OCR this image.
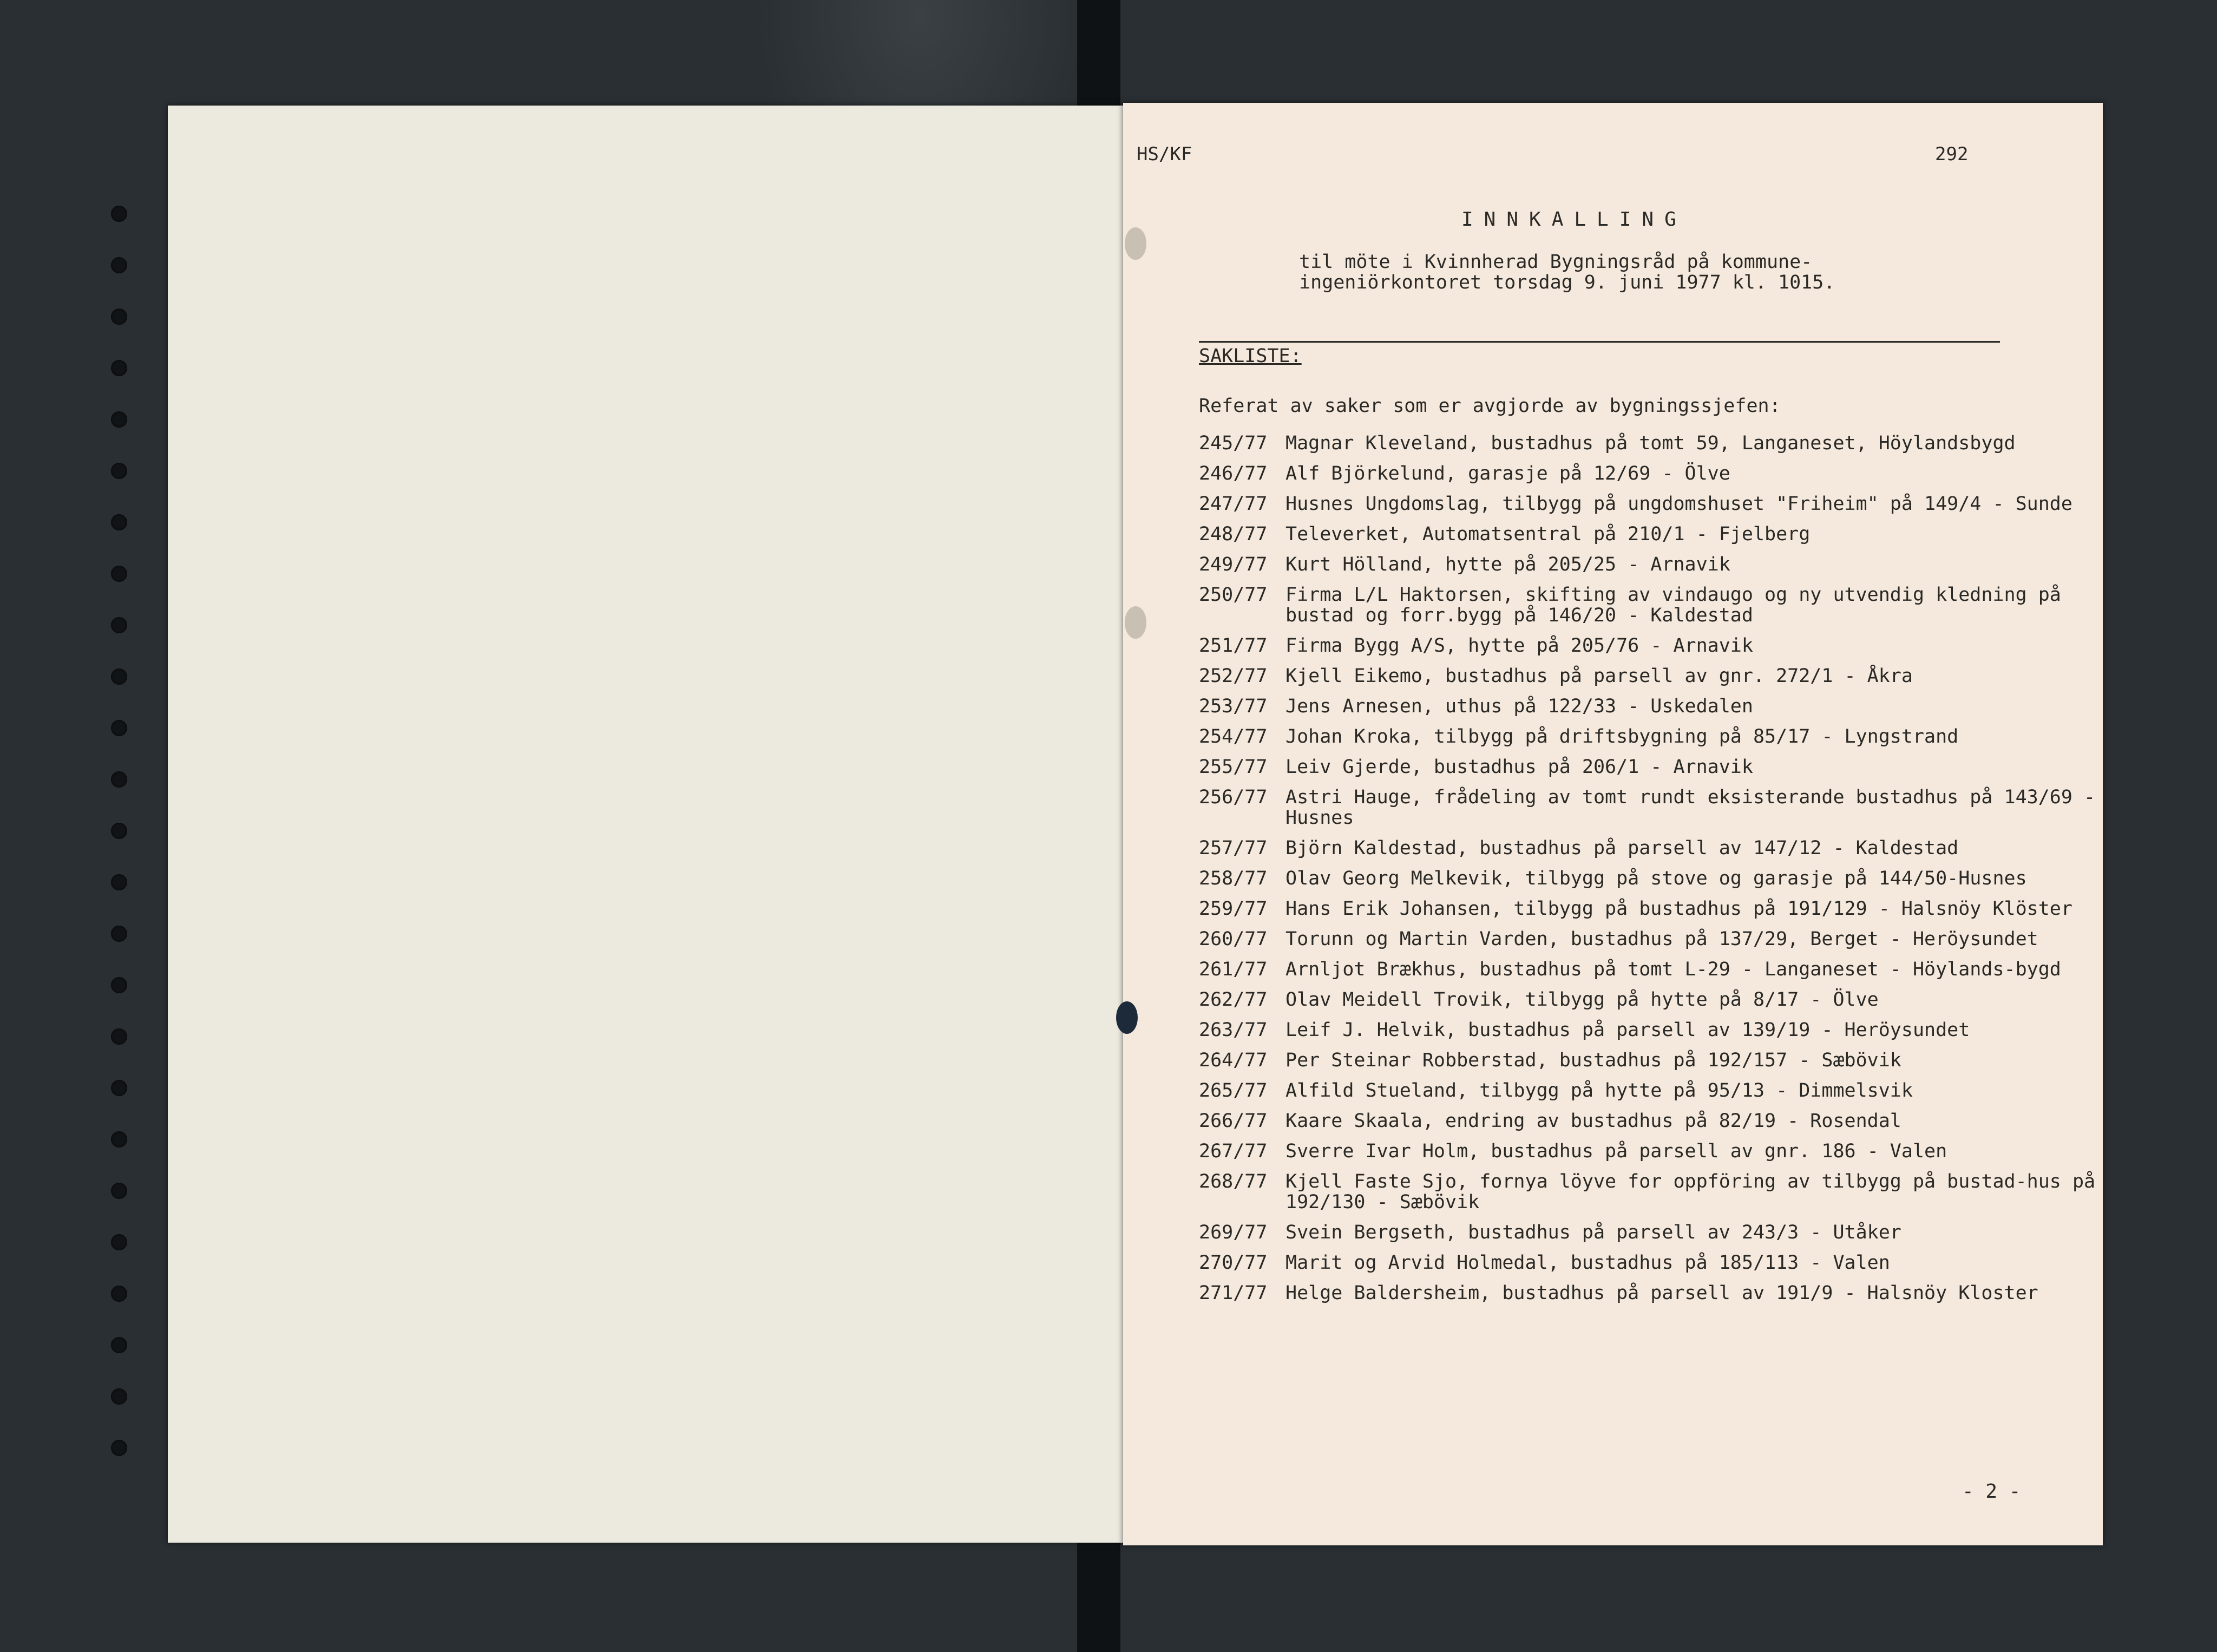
HS/KF	292
INNKALLING
til möte i Kvinnherad Bygningsråd på kommune-
ingeniörkontoret torsdag 9. juni 1977 kl. 1015.
SAKLISTE:
Referat av saker som er avgjorde av bygningssjefen:
245/77 Magnar Kleveland, bustadhus på tomt 59, Langaneset, Höylandsbygd
246/77 Alf Björkelund, garasje på 12/69 - Ölve
247/77 Husnes Ungdomslag, tilbygg på ungdomshuset "Friheim" på 149/4 - Sunde
248/77 Televerket, Automatsentral på 210/1 - Fjelberg
249/77 Kurt Hölland, hytte på 205/25 - Arnavik
250/77 Firma L/L Haktorsen, skifting av vindaugo og ny utvendig kledning på bustad og forr.bygg på 146/20 - Kaldestad
251/77 Firma Bygg A/S, hytte på 205/76 - Arnavik
252/77 Kjell Eikemo, bustadhus på parsell av gnr. 272/1 - Åkra
253/77 Jens Arnesen, uthus på 122/33 - Uskedalen
254/77 Johan Kroka, tilbygg på driftsbygning på 85/17 - Lyngstrand
255/77 Leiv Gjerde, bustadhus på 206/1 - Arnavik
256/77 Astri Hauge, frådeling av tomt rundt eksisterande bustadhus på 143/69 - Husnes
257/77 Björn Kaldestad, bustadhus på parsell av 147/12 - Kaldestad
258/77 Olav Georg Melkevik, tilbygg på stove og garasje på 144/50-Husnes
259/77 Hans Erik Johansen, tilbygg på bustadhus på 191/129 - Halsnöy Klöster
260/77 Torunn og Martin Varden, bustadhus på 137/29, Berget - Heröysundet
261/77 Arnljot Brækhus, bustadhus på tomt L-29 - Langaneset - Höylands-bygd
262/77 Olav Meidell Trovik, tilbygg på hytte på 8/17 - Ölve
263/77 Leif J. Helvik, bustadhus på parsell av 139/19 - Heröysundet
264/77 Per Steinar Robberstad, bustadhus på 192/157 - Sæbövik
265/77 Alfild Stueland, tilbygg på hytte på 95/13 - Dimmelsvik
266/77 Kaare Skaala, endring av bustadhus på 82/19 - Rosendal
267/77 Sverre Ivar Holm, bustadhus på parsell av gnr. 186 - Valen
268/77 Kjell Faste Sjo, fornya löyve for oppföring av tilbygg på bustad-hus på 192/130 - Sæbövik
269/77 Svein Bergseth, bustadhus på parsell av 243/3 - Utåker
270/77 Marit og Arvid Holmedal, bustadhus på 185/113 - Valen
271/77 Helge Baldersheim, bustadhus på parsell av 191/9 - Halsnöy Kloster
- 2 -
